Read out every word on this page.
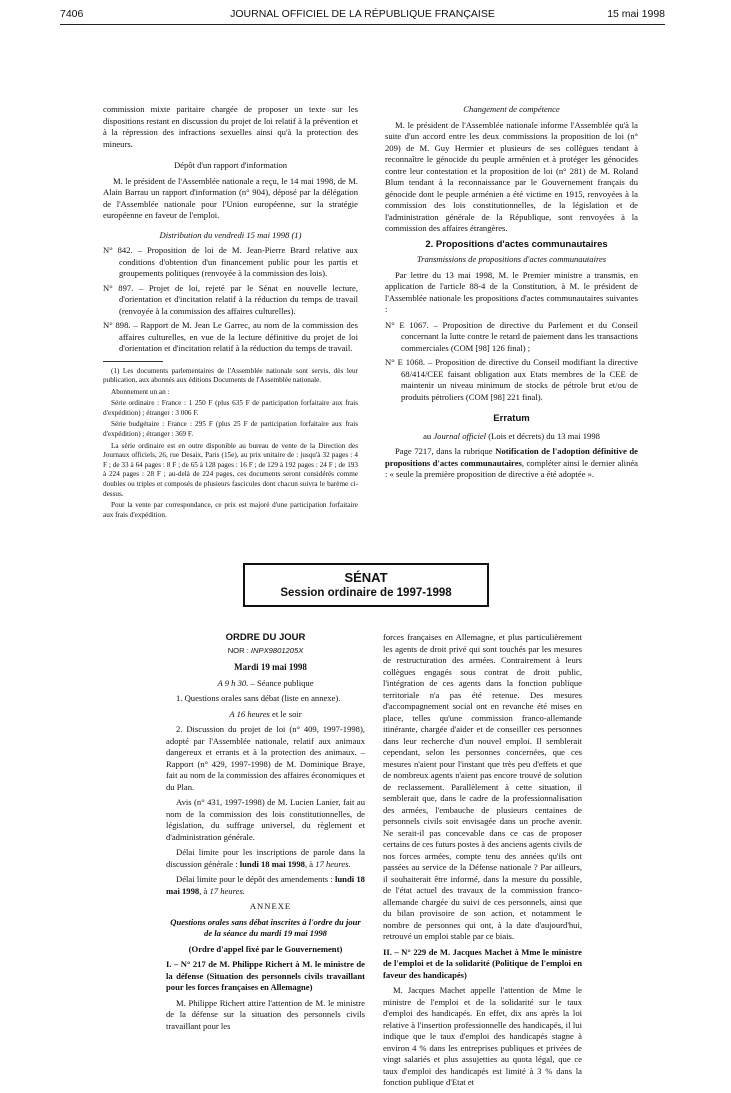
7406	JOURNAL OFFICIEL DE LA RÉPUBLIQUE FRANÇAISE	15 mai 1998

commission mixte paritaire chargée de proposer un texte sur les dispositions restant en discussion du projet de loi relatif à la prévention et à la répression des infractions sexuelles ainsi qu'à la protection des mineurs.

Dépôt d'un rapport d'information

M. le président de l'Assemblée nationale a reçu, le 14 mai 1998, de M. Alain Barrau un rapport d'information (n° 904), déposé par la délégation de l'Assemblée nationale pour l'Union européenne, sur la stratégie européenne en faveur de l'emploi.

Distribution du vendredi 15 mai 1998 (1)

N° 842. – Proposition de loi de M. Jean-Pierre Brard relative aux conditions d'obtention d'un financement public pour les partis et groupements politiques (renvoyée à la commission des lois).
N° 897. – Projet de loi, rejeté par le Sénat en nouvelle lecture, d'orientation et d'incitation relatif à la réduction du temps de travail (renvoyée à la commission des affaires culturelles).
N° 898. – Rapport de M. Jean Le Garrec, au nom de la commission des affaires culturelles, en vue de la lecture définitive du projet de loi d'orientation et d'incitation relatif à la réduction du temps de travail.

(1) Les documents parlementaires de l'Assemblée nationale sont servis, dès leur publication, aux abonnés aux éditions Documents de l'Assemblée nationale.

Abonnement un an :

Série ordinaire : France : 1 250 F (plus 635 F de participation forfaitaire aux frais d'expédition) ; étranger : 3 006 F.

Série budgétaire : France : 295 F (plus 25 F de participation forfaitaire aux frais d'expédition) ; étranger : 369 F.

La série ordinaire est en outre disponible au bureau de vente de la Direction des Journaux officiels, 26, rue Desaix, Paris (15e), au prix unitaire de : jusqu'à 32 pages : 4 F ; de 33 à 64 pages : 8 F ; de 65 à 128 pages : 16 F ; de 129 à 192 pages : 24 F ; de 193 à 224 pages : 28 F ; au-delà de 224 pages, ces documents seront considérés comme doubles ou triples et composés de plusieurs fascicules dont chacun suivra le barème ci-dessus.

Pour la vente par correspondance, ce prix est majoré d'une participation forfaitaire aux frais d'expédition.

Changement de compétence

M. le président de l'Assemblée nationale informe l'Assemblée qu'à la suite d'un accord entre les deux commissions la proposition de loi (n° 209) de M. Guy Hermier et plusieurs de ses collègues tendant à reconnaître le génocide du peuple arménien et à protéger les génocides contre leur contestation et la proposition de loi (n° 281) de M. Roland Blum tendant à la reconnaissance par le Gouvernement français du génocide dont le peuple arménien a été victime en 1915, renvoyées à la commission des lois constitutionnelles, de la législation et de l'administration générale de la République, sont renvoyées à la commission des affaires étrangères.

2. Propositions d'actes communautaires

Transmissions de propositions d'actes communautaires

Par lettre du 13 mai 1998, M. le Premier ministre a transmis, en application de l'article 88-4 de la Constitution, à M. le président de l'Assemblée nationale les propositions d'actes communautaires suivantes :

N° E 1067. – Proposition de directive du Parlement et du Conseil concernant la lutte contre le retard de paiement dans les transactions commerciales (COM [98] 126 final) ;
N° E 1068. – Proposition de directive du Conseil modifiant la directive 68/414/CEE faisant obligation aux Etats membres de la CEE de maintenir un niveau minimum de stocks de pétrole brut et/ou de produits pétroliers (COM [98] 221 final).
Erratum

au Journal officiel (Lois et décrets) du 13 mai 1998

Page 7217, dans la rubrique Notification de l'adoption définitive de propositions d'actes communautaires, compléter ainsi le dernier alinéa : « seule la première proposition de directive a été adoptée ».

SÉNAT
Session ordinaire de 1997-1998
ORDRE DU JOUR
NOR : INPX9801205X

Mardi 19 mai 1998

A 9 h 30. – Séance publique

1. Questions orales sans débat (liste en annexe).

A 16 heures et le soir

2. Discussion du projet de loi (n° 409, 1997-1998), adopté par l'Assemblée nationale, relatif aux animaux dangereux et errants et à la protection des animaux. – Rapport (n° 429, 1997-1998) de M. Dominique Braye, fait au nom de la commission des affaires économiques et du Plan.

Avis (n° 431, 1997-1998) de M. Lucien Lanier, fait au nom de la commission des lois constitutionnelles, de législation, du suffrage universel, du règlement et d'administration générale.

Délai limite pour les inscriptions de parole dans la discussion générale : lundi 18 mai 1998, à 17 heures.

Délai limite pour le dépôt des amendements : lundi 18 mai 1998, à 17 heures.

ANNEXE

Questions orales sans débat inscrites à l'ordre du jour de la séance du mardi 19 mai 1998

(Ordre d'appel fixé par le Gouvernement)

I. – N° 217 de M. Philippe Richert à M. le ministre de la défense (Situation des personnels civils travaillant pour les forces françaises en Allemagne)

M. Philippe Richert attire l'attention de M. le ministre de la défense sur la situation des personnels civils travaillant pour les

forces françaises en Allemagne, et plus particulièrement les agents de droit privé qui sont touchés par les mesures de restructuration des armées. Contrairement à leurs collègues engagés sous contrat de droit public, l'intégration de ces agents dans la fonction publique territoriale n'a pas été retenue. Des mesures d'accompagnement social ont en revanche été mises en place, telles qu'une commission franco-allemande itinérante, chargée d'aider et de conseiller ces personnes dans leur recherche d'un nouvel emploi. Il semblerait cependant, selon les personnes concernées, que ces mesures n'aient pour l'instant que très peu d'effets et que de nombreux agents n'aient pas encore trouvé de solution de reclassement. Parallèlement à cette situation, il semblerait que, dans le cadre de la professionnalisation des armées, l'embauche de plusieurs centaines de personnels civils soit envisagée dans un proche avenir. Ne serait-il pas concevable dans ce cas de proposer certains de ces futurs postes à des anciens agents civils de nos forces armées, compte tenu des années qu'ils ont passées au service de la Défense nationale ? Par ailleurs, il souhaiterait être informé, dans la mesure du possible, de l'état actuel des travaux de la commission franco-allemande chargée du suivi de ces personnels, ainsi que du bilan provisoire de son action, et notamment le nombre de personnes qui ont, à la date d'aujourd'hui, retrouvé un emploi stable par ce biais.

II. – N° 229 de M. Jacques Machet à Mme le ministre de l'emploi et de la solidarité (Politique de l'emploi en faveur des handicapés)

M. Jacques Machet appelle l'attention de Mme le ministre de l'emploi et de la solidarité sur le taux d'emploi des handicapés. En effet, dix ans après la loi relative à l'insertion professionnelle des handicapés, il lui indique que le taux d'emploi des handicapés stagne à environ 4 % dans les entreprises publiques et privées de vingt salariés et plus assujetties au quota légal, que ce taux d'emploi des handicapés est limité à 3 % dans la fonction publique d'Etat et
